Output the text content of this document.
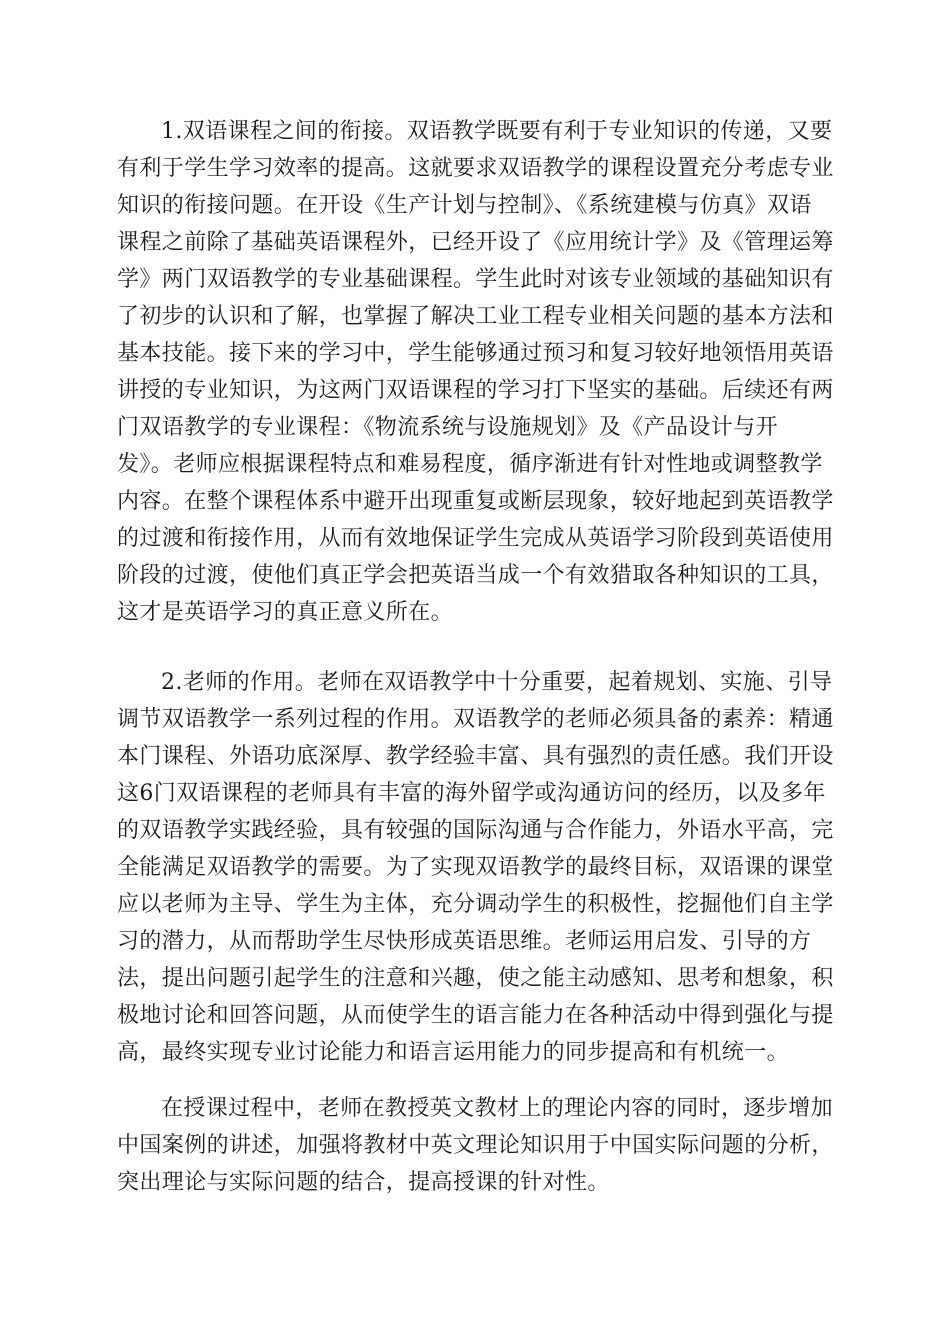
1.双语课程之间的衔接。双语教学既要有利于专业知识的传递，又要
有利于学生学习效率的提高。这就要求双语教学的课程设置充分考虑专业
知识的衔接问题。在开设《生产计划与控制》、《系统建模与仿真》双语
课程之前除了基础英语课程外，已经开设了《应用统计学》及《管理运筹
学》两门双语教学的专业基础课程。学生此时对该专业领域的基础知识有
了初步的认识和了解，也掌握了解决工业工程专业相关问题的基本方法和
基本技能。接下来的学习中，学生能够通过预习和复习较好地领悟用英语
讲授的专业知识，为这两门双语课程的学习打下坚实的基础。后续还有两
门双语教学的专业课程：《物流系统与设施规划》及《产品设计与开
发》。老师应根据课程特点和难易程度，循序渐进有针对性地或调整教学
内容。在整个课程体系中避开出现重复或断层现象，较好地起到英语教学
的过渡和衔接作用，从而有效地保证学生完成从英语学习阶段到英语使用
阶段的过渡，使他们真正学会把英语当成一个有效猎取各种知识的工具，
这才是英语学习的真正意义所在。
2.老师的作用。老师在双语教学中十分重要，起着规划、实施、引导
调节双语教学一系列过程的作用。双语教学的老师必须具备的素养：精通
本门课程、外语功底深厚、教学经验丰富、具有强烈的责任感。我们开设
这6门双语课程的老师具有丰富的海外留学或沟通访问的经历，以及多年
的双语教学实践经验，具有较强的国际沟通与合作能力，外语水平高，完
全能满足双语教学的需要。为了实现双语教学的最终目标，双语课的课堂
应以老师为主导、学生为主体，充分调动学生的积极性，挖掘他们自主学
习的潜力，从而帮助学生尽快形成英语思维。老师运用启发、引导的方
法，提出问题引起学生的注意和兴趣，使之能主动感知、思考和想象，积
极地讨论和回答问题，从而使学生的语言能力在各种活动中得到强化与提
高，最终实现专业讨论能力和语言运用能力的同步提高和有机统一。
在授课过程中，老师在教授英文教材上的理论内容的同时，逐步增加
中国案例的讲述，加强将教材中英文理论知识用于中国实际问题的分析，
突出理论与实际问题的结合，提高授课的针对性。
